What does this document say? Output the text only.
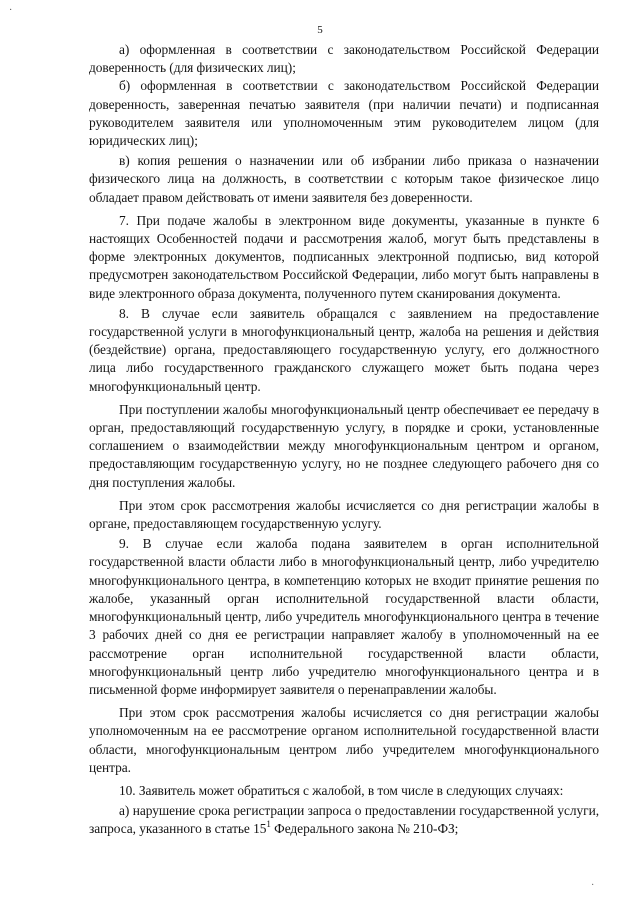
·
5

а) оформленная в соответствии с законодательством Российской Федерации доверенность (для физических лиц);

б) оформленная в соответствии с законодательством Российской Федерации доверенность, заверенная печатью заявителя (при наличии печати) и подписанная руководителем заявителя или уполномоченным этим руководителем лицом (для юридических лиц);

в) копия решения о назначении или об избрании либо приказа о назначении физического лица на должность, в соответствии с которым такое физическое лицо обладает правом действовать от имени заявителя без доверенности.

7. При подаче жалобы в электронном виде документы, указанные в пункте 6 настоящих Особенностей подачи и рассмотрения жалоб, могут быть представлены в форме электронных документов, подписанных электронной подписью, вид которой предусмотрен законодательством Российской Федерации, либо могут быть направлены в виде электронного образа документа, полученного путем сканирования документа.

8. В случае если заявитель обращался с заявлением на предоставление государственной услуги в многофункциональный центр, жалоба на решения и действия (бездействие) органа, предоставляющего государственную услугу, его должностного лица либо государственного гражданского служащего может быть подана через многофункциональный центр.

При поступлении жалобы многофункциональный центр обеспечивает ее передачу в орган, предоставляющий государственную услугу, в порядке и сроки, установленные соглашением о взаимодействии между многофункциональным центром и органом, предоставляющим государственную услугу, но не позднее следующего рабочего дня со дня поступления жалобы.

При этом срок рассмотрения жалобы исчисляется со дня регистрации жалобы в органе, предоставляющем государственную услугу.

9. В случае если жалоба подана заявителем в орган исполнительной государственной власти области либо в многофункциональный центр, либо учредителю многофункционального центра, в компетенцию которых не входит принятие решения по жалобе, указанный орган исполнительной государственной власти области, многофункциональный центр, либо учредитель многофункционального центра в течение 3 рабочих дней со дня ее регистрации направляет жалобу в уполномоченный на ее рассмотрение орган исполнительной государственной власти области, многофункциональный центр либо учредителю многофункционального центра и в письменной форме информирует заявителя о перенаправлении жалобы.

При этом срок рассмотрения жалобы исчисляется со дня регистрации жалобы уполномоченным на ее рассмотрение органом исполнительной государственной власти области, многофункциональным центром либо учредителем многофункционального центра.

10. Заявитель может обратиться с жалобой, в том числе в следующих случаях:

а) нарушение срока регистрации запроса о предоставлении государственной услуги, запроса, указанного в статье $15^1$ Федерального закона № 210-ФЗ;

·
